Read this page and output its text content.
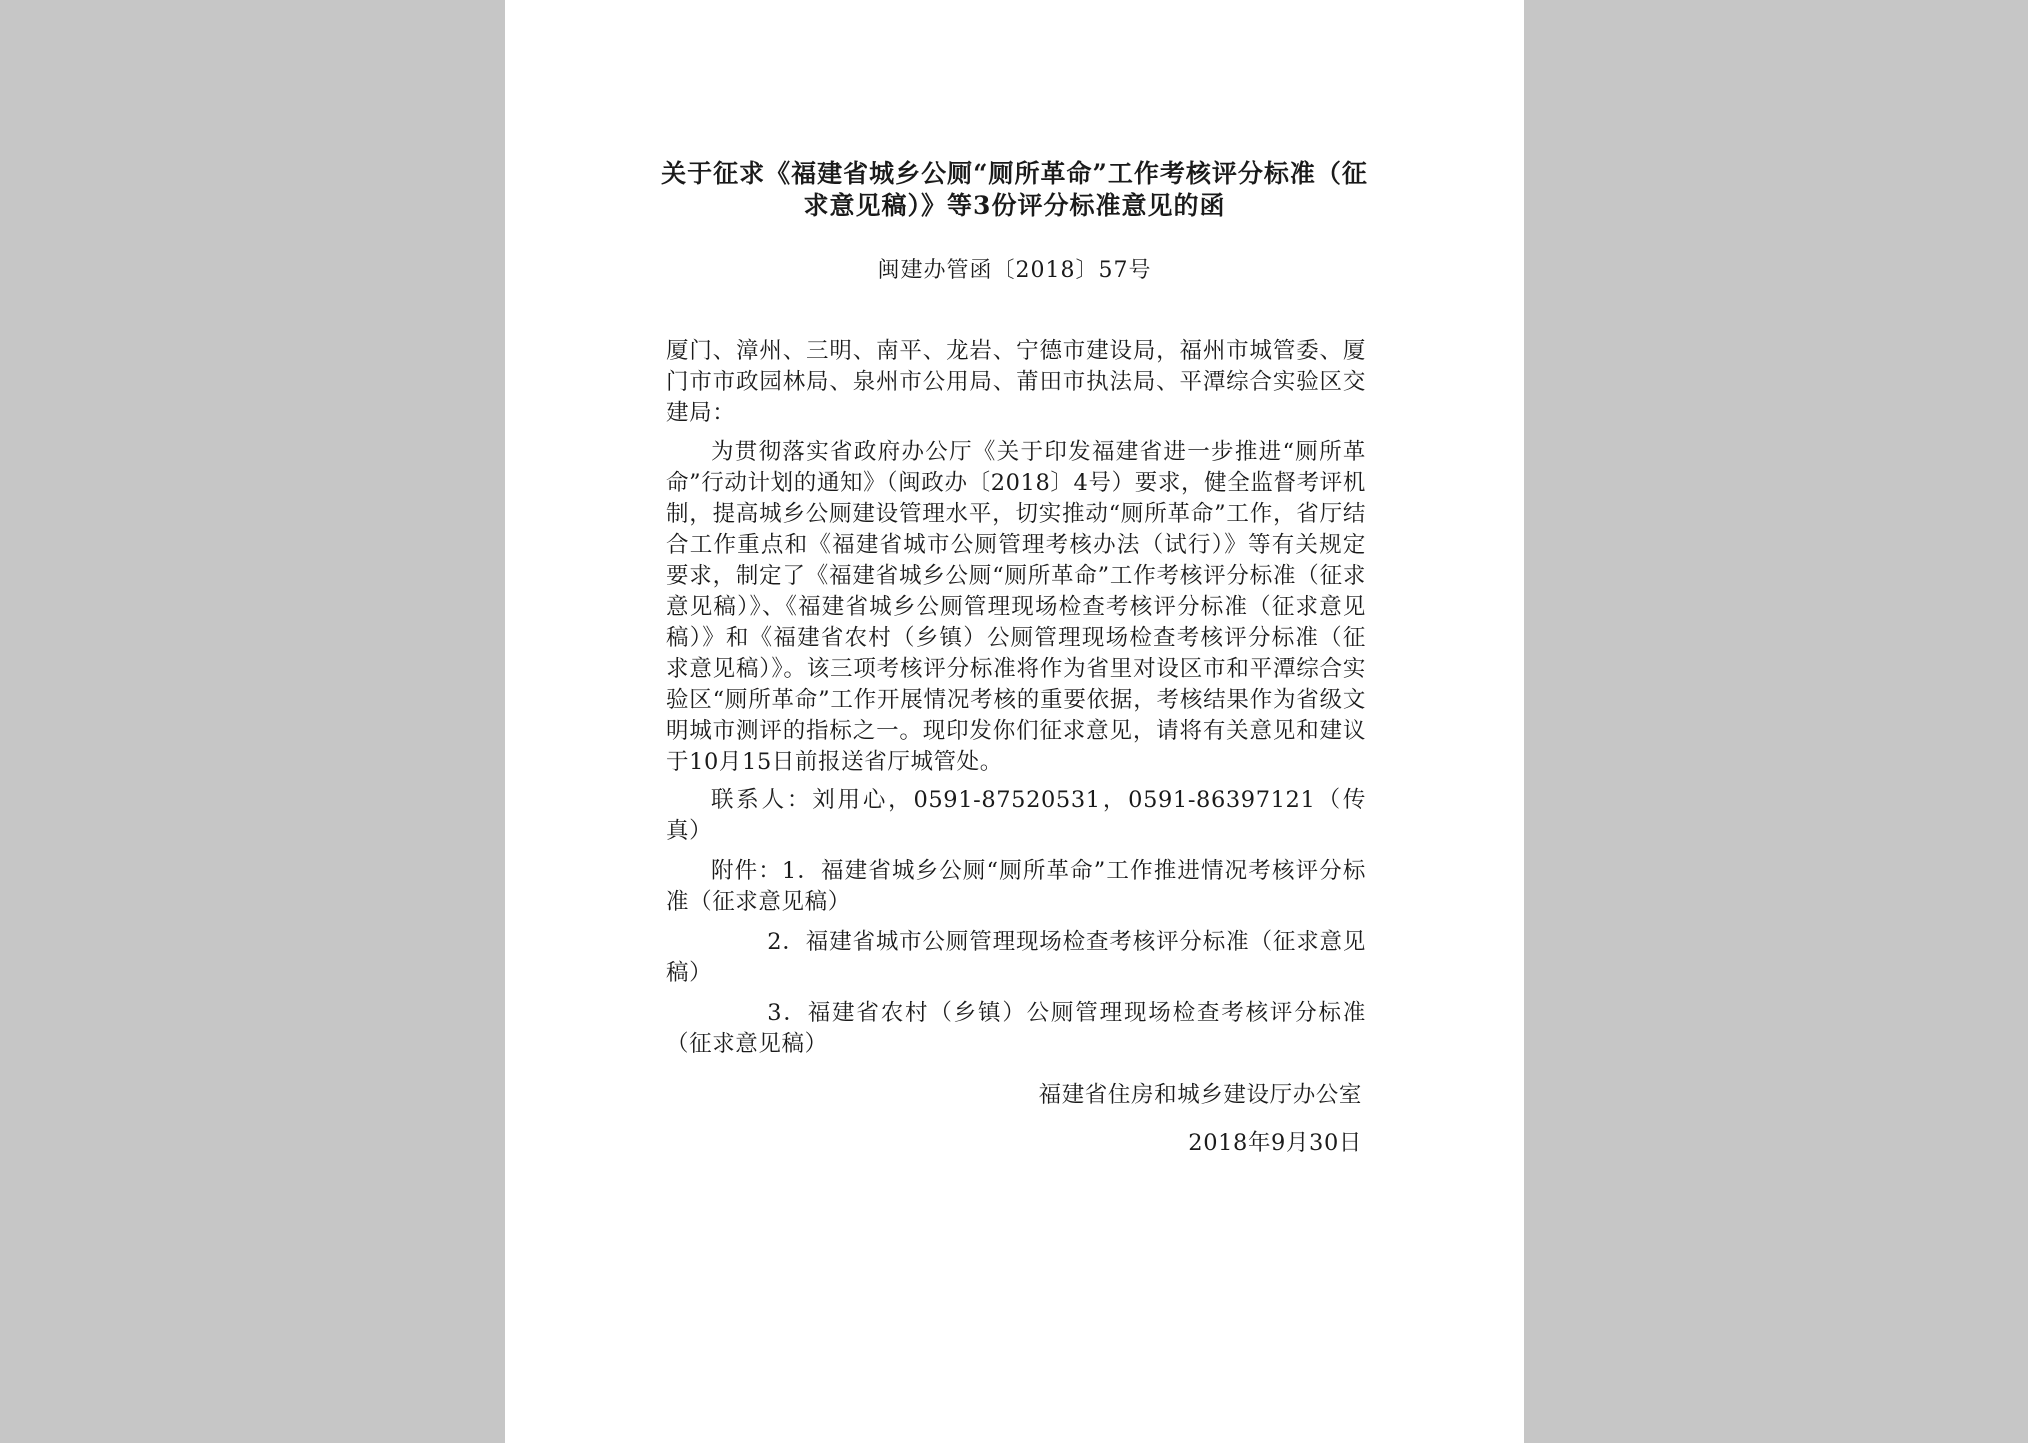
关于征求《福建省城乡公厕“厕所革命”工作考核评分标准（征求意见稿）》等3份评分标准意见的函
闽建办管函〔2018〕57号

厦门、漳州、三明、南平、龙岩、宁德市建设局，福州市城管委、厦门市市政园林局、泉州市公用局、莆田市执法局、平潭综合实验区交建局：

为贯彻落实省政府办公厅《关于印发福建省进一步推进“厕所革命”行动计划的通知》（闽政办〔2018〕4号）要求，健全监督考评机制，提高城乡公厕建设管理水平，切实推动“厕所革命”工作，省厅结合工作重点和《福建省城市公厕管理考核办法（试行）》等有关规定要求，制定了《福建省城乡公厕“厕所革命”工作考核评分标准（征求意见稿）》、《福建省城乡公厕管理现场检查考核评分标准（征求意见稿）》和《福建省农村（乡镇）公厕管理现场检查考核评分标准（征求意见稿）》。该三项考核评分标准将作为省里对设区市和平潭综合实验区“厕所革命”工作开展情况考核的重要依据，考核结果作为省级文明城市测评的指标之一。现印发你们征求意见，请将有关意见和建议于10月15日前报送省厅城管处。

联系人：刘用心，0591-87520531，0591-86397121（传真）

附件：1．福建省城乡公厕“厕所革命”工作推进情况考核评分标准（征求意见稿）

2．福建省城市公厕管理现场检查考核评分标准（征求意见稿）

3．福建省农村（乡镇）公厕管理现场检查考核评分标准（征求意见稿）

福建省住房和城乡建设厅办公室
2018年9月30日
